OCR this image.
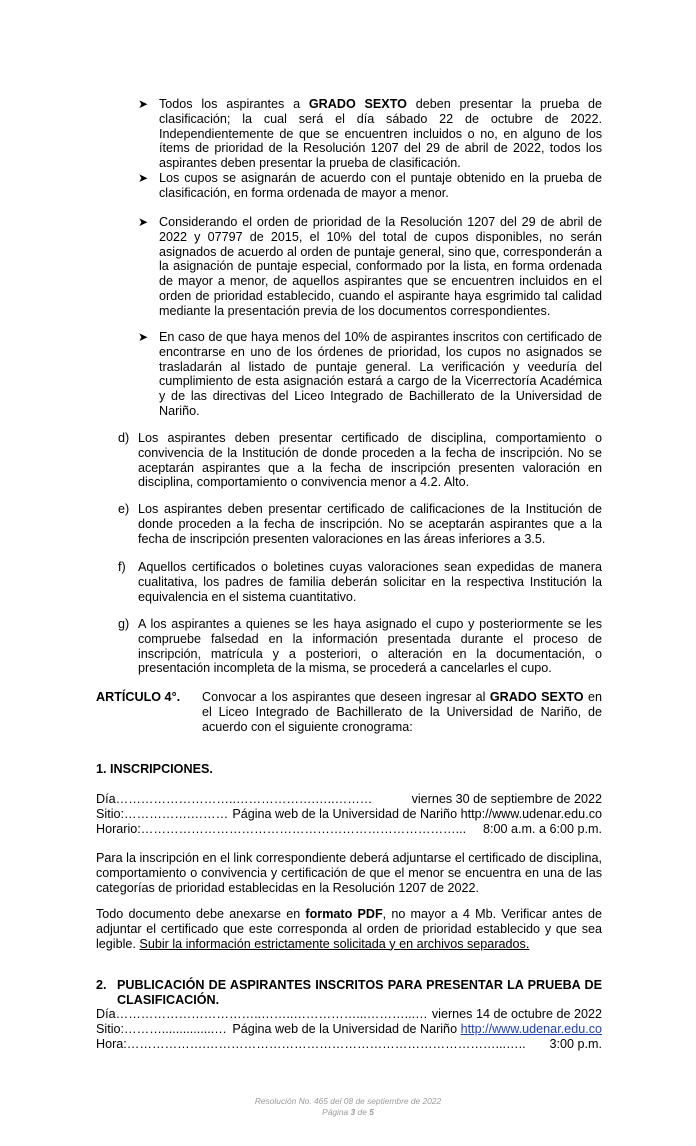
➤ Todos los aspirantes a GRADO SEXTO deben presentar la prueba de clasificación; la cual será el día sábado 22 de octubre de 2022. Independientemente de que se encuentren incluidos o no, en alguno de los ítems de prioridad de la Resolución 1207 del 29 de abril de 2022, todos los aspirantes deben presentar la prueba de clasificación.

➤ Los cupos se asignarán de acuerdo con el puntaje obtenido en la prueba de clasificación, en forma ordenada de mayor a menor.

➤ Considerando el orden de prioridad de la Resolución 1207 del 29 de abril de 2022 y 07797 de 2015, el 10% del total de cupos disponibles, no serán asignados de acuerdo al orden de puntaje general, sino que, corresponderán a la asignación de puntaje especial, conformado por la lista, en forma ordenada de mayor a menor, de aquellos aspirantes que se encuentren incluidos en el orden de prioridad establecido, cuando el aspirante haya esgrimido tal calidad mediante la presentación previa de los documentos correspondientes.

➤ En caso de que haya menos del 10% de aspirantes inscritos con certificado de encontrarse en uno de los órdenes de prioridad, los cupos no asignados se trasladarán al listado de puntaje general. La verificación y veeduría del cumplimiento de esta asignación estará a cargo de la Vicerrectoría Académica y de las directivas del Liceo Integrado de Bachillerato de la Universidad de Nariño.

d) Los aspirantes deben presentar certificado de disciplina, comportamiento o convivencia de la Institución de donde proceden a la fecha de inscripción. No se aceptarán aspirantes que a la fecha de inscripción presenten valoración en disciplina, comportamiento o convivencia menor a 4.2. Alto.

e) Los aspirantes deben presentar certificado de calificaciones de la Institución de donde proceden a la fecha de inscripción. No se aceptarán aspirantes que a la fecha de inscripción presenten valoraciones en las áreas inferiores a 3.5.

f) Aquellos certificados o boletines cuyas valoraciones sean expedidas de manera cualitativa, los padres de familia deberán solicitar en la respectiva Institución la equivalencia en el sistema cuantitativo.

g) A los aspirantes a quienes se les haya asignado el cupo y posteriormente se les compruebe falsedad en la información presentada durante el proceso de inscripción, matrícula y a posteriori, o alteración en la documentación, o presentación incompleta de la misma, se procederá a cancelarles el cupo.

ARTÍCULO 4°. Convocar a los aspirantes que deseen ingresar al GRADO SEXTO en el Liceo Integrado de Bachillerato de la Universidad de Nariño, de acuerdo con el siguiente cronograma:

1. INSCRIPCIONES.
Día ………………………..……………….…..………	viernes 30 de septiembre de 2022
Sitio: …………….……… Página web de la Universidad de Nariño http://www.udenar.edu.co
Horario: …………………………………………………………………...	8:00 a.m. a 6:00 p.m.

Para la inscripción en el link correspondiente deberá adjuntarse el certificado de disciplina, comportamiento o convivencia y certificación de que el menor se encuentra en una de las categorías de prioridad establecidas en la Resolución 1207 de 2022.

Todo documento debe anexarse en formato PDF, no mayor a 4 Mb. Verificar antes de adjuntar el certificado que este corresponda al orden de prioridad establecido y que sea legible. Subir la información estrictamente solicitada y en archivos separados.

2. PUBLICACIÓN DE ASPIRANTES INSCRITOS PARA PRESENTAR LA PRUEBA DE CLASIFICACIÓN.

Día ……………………………..……..……………...………...… viernes 14 de octubre de 2022
Sitio: ………...............… Página web de la Universidad de Nariño http://www.udenar.edu.co
Hora: ……………….……………………………………………………………...…..	3:00 p.m.
Resolución No. 465 del 08 de septiembre de 2022
Página 3 de 5
